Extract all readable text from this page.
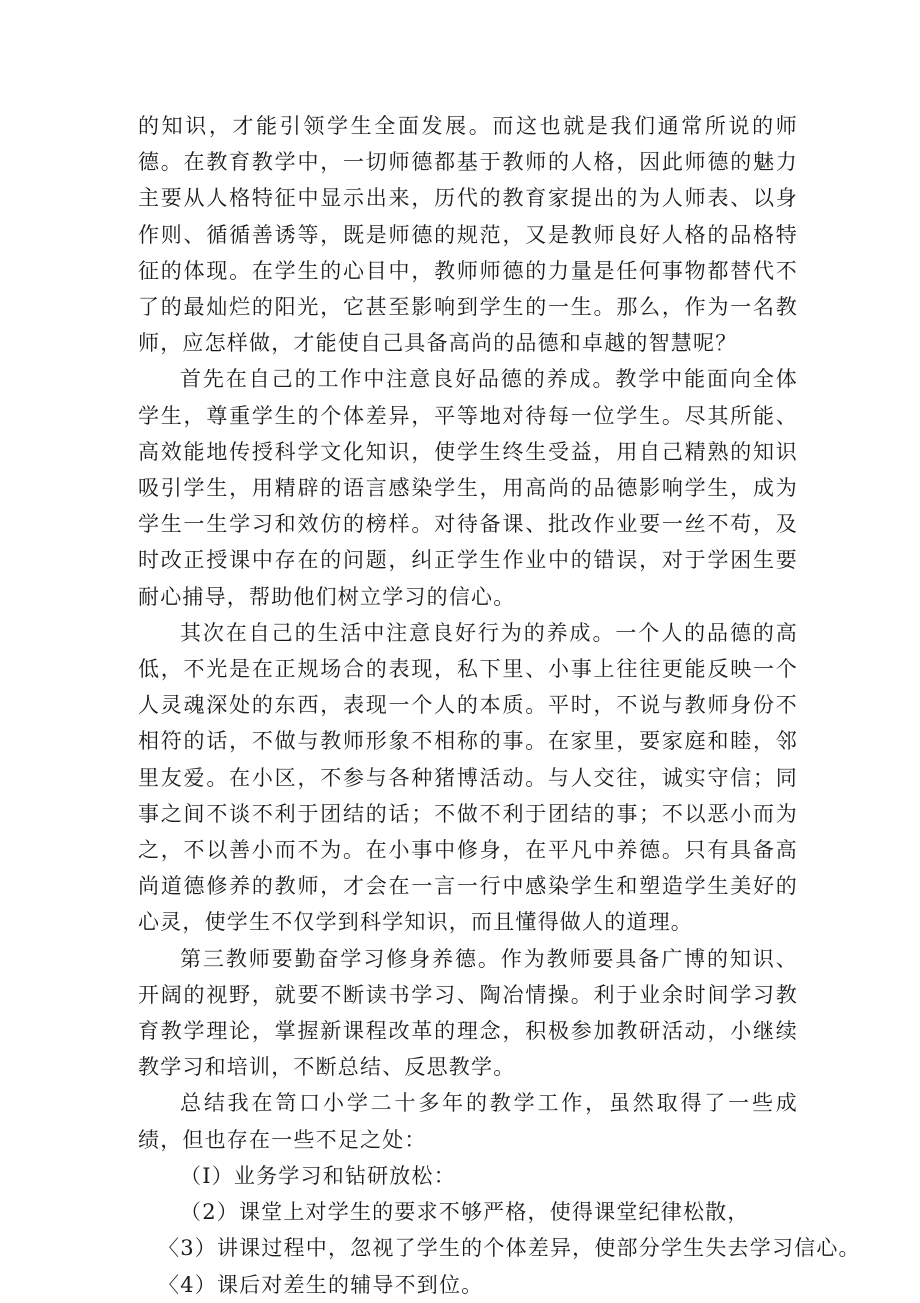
的知识，才能引领学生全面发展。而这也就是我们通常所说的师德。在教育教学中，一切师德都基于教师的人格，因此师德的魅力主要从人格特征中显示出来，历代的教育家提出的为人师表、以身作则、循循善诱等，既是师德的规范，又是教师良好人格的品格特征的体现。在学生的心目中，教师师德的力量是任何事物都替代不了的最灿烂的阳光，它甚至影响到学生的一生。那么，作为一名教师，应怎样做，才能使自己具备高尚的品德和卓越的智慧呢？

首先在自己的工作中注意良好品德的养成。教学中能面向全体学生，尊重学生的个体差异，平等地对待每一位学生。尽其所能、高效能地传授科学文化知识，使学生终生受益，用自己精熟的知识吸引学生，用精辟的语言感染学生，用高尚的品德影响学生，成为学生一生学习和效仿的榜样。对待备课、批改作业要一丝不苟，及时改正授课中存在的问题，纠正学生作业中的错误，对于学困生要耐心捕导，帮助他们树立学习的信心。

其次在自己的生活中注意良好行为的养成。一个人的品德的高低，不光是在正规场合的表现，私下里、小事上往往更能反映一个人灵魂深处的东西，表现一个人的本质。平时，不说与教师身份不相符的话，不做与教师形象不相称的事。在家里，要家庭和睦，邻里友爱。在小区，不参与各种猪博活动。与人交往，诚实守信；同事之间不谈不利于团结的话；不做不利于团结的事；不以恶小而为之，不以善小而不为。在小事中修身，在平凡中养德。只有具备高尚道德修养的教师，才会在一言一行中感染学生和塑造学生美好的心灵，使学生不仅学到科学知识，而且懂得做人的道理。

第三教师要勤奋学习修身养德。作为教师要具备广博的知识、开阔的视野，就要不断读书学习、陶冶情操。利于业余时间学习教育教学理论，掌握新课程改革的理念，积极参加教研活动，小继续教学习和培训，不断总结、反思教学。

总结我在笥口小学二十多年的教学工作，虽然取得了一些成绩，但也存在一些不足之处：

（I）业务学习和钻研放松：

（2）课堂上对学生的要求不够严格，使得课堂纪律松散，

〈3）讲课过程中，忽视了学生的个体差异，使部分学生失去学习信心。

〈4）课后对差生的辅导不到位。
